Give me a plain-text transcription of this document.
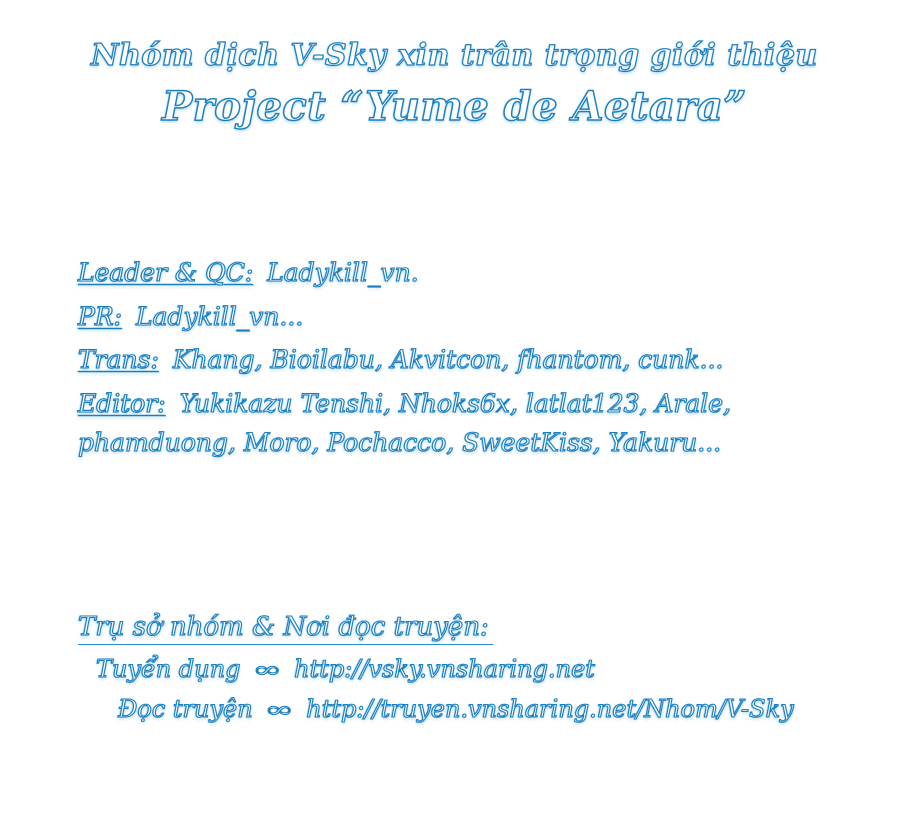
Nhóm dịch V-Sky xin trân trọng giới thiệu
Project “Yume de Aetara”
Leader & QC: Ladykill_vn.
PR: Ladykill_vn...
Trans: Khang, Bioilabu, Akvitcon, fhantom, cunk...
Editor: Yukikazu Tenshi, Nhoks6x, latlat123, Arale,
phamduong, Moro, Pochacco, SweetKiss, Yakuru...
Trụ sở nhóm & Nơi đọc truyện:
Tuyển dụng ∞ http://vsky.vnsharing.net
Đọc truyện ∞ http://truyen.vnsharing.net/Nhom/V-Sky
